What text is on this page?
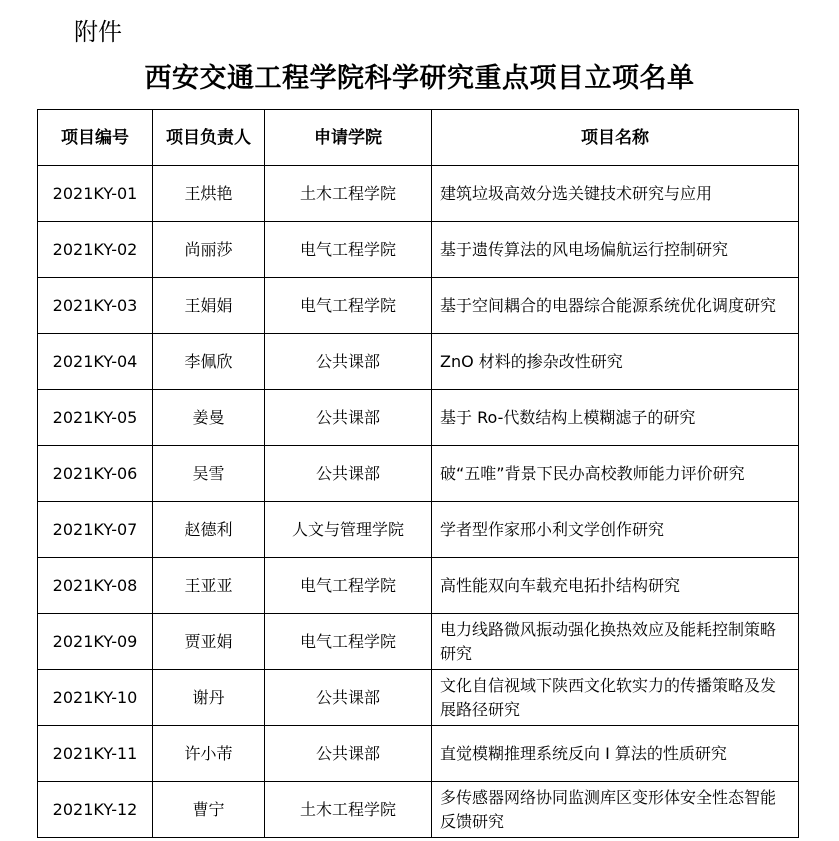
附件
西安交通工程学院科学研究重点项目立项名单
项目编号	项目负责人	申请学院	项目名称
2021KY-01	王烘艳	土木工程学院	建筑垃圾高效分选关键技术研究与应用
2021KY-02	尚丽莎	电气工程学院	基于遗传算法的风电场偏航运行控制研究
2021KY-03	王娟娟	电气工程学院	基于空间耦合的电器综合能源系统优化调度研究
2021KY-04	李佩欣	公共课部	ZnO 材料的掺杂改性研究
2021KY-05	姜曼	公共课部	基于 Ro-代数结构上模糊滤子的研究
2021KY-06	吴雪	公共课部	破“五唯”背景下民办高校教师能力评价研究
2021KY-07	赵德利	人文与管理学院	学者型作家邢小利文学创作研究
2021KY-08	王亚亚	电气工程学院	高性能双向车载充电拓扑结构研究
2021KY-09	贾亚娟	电气工程学院	电力线路微风振动强化换热效应及能耗控制策略研究
2021KY-10	谢丹	公共课部	文化自信视域下陕西文化软实力的传播策略及发展路径研究
2021KY-11	许小芾	公共课部	直觉模糊推理系统反向 I 算法的性质研究
2021KY-12	曹宁	土木工程学院	多传感器网络协同监测库区变形体安全性态智能反馈研究
